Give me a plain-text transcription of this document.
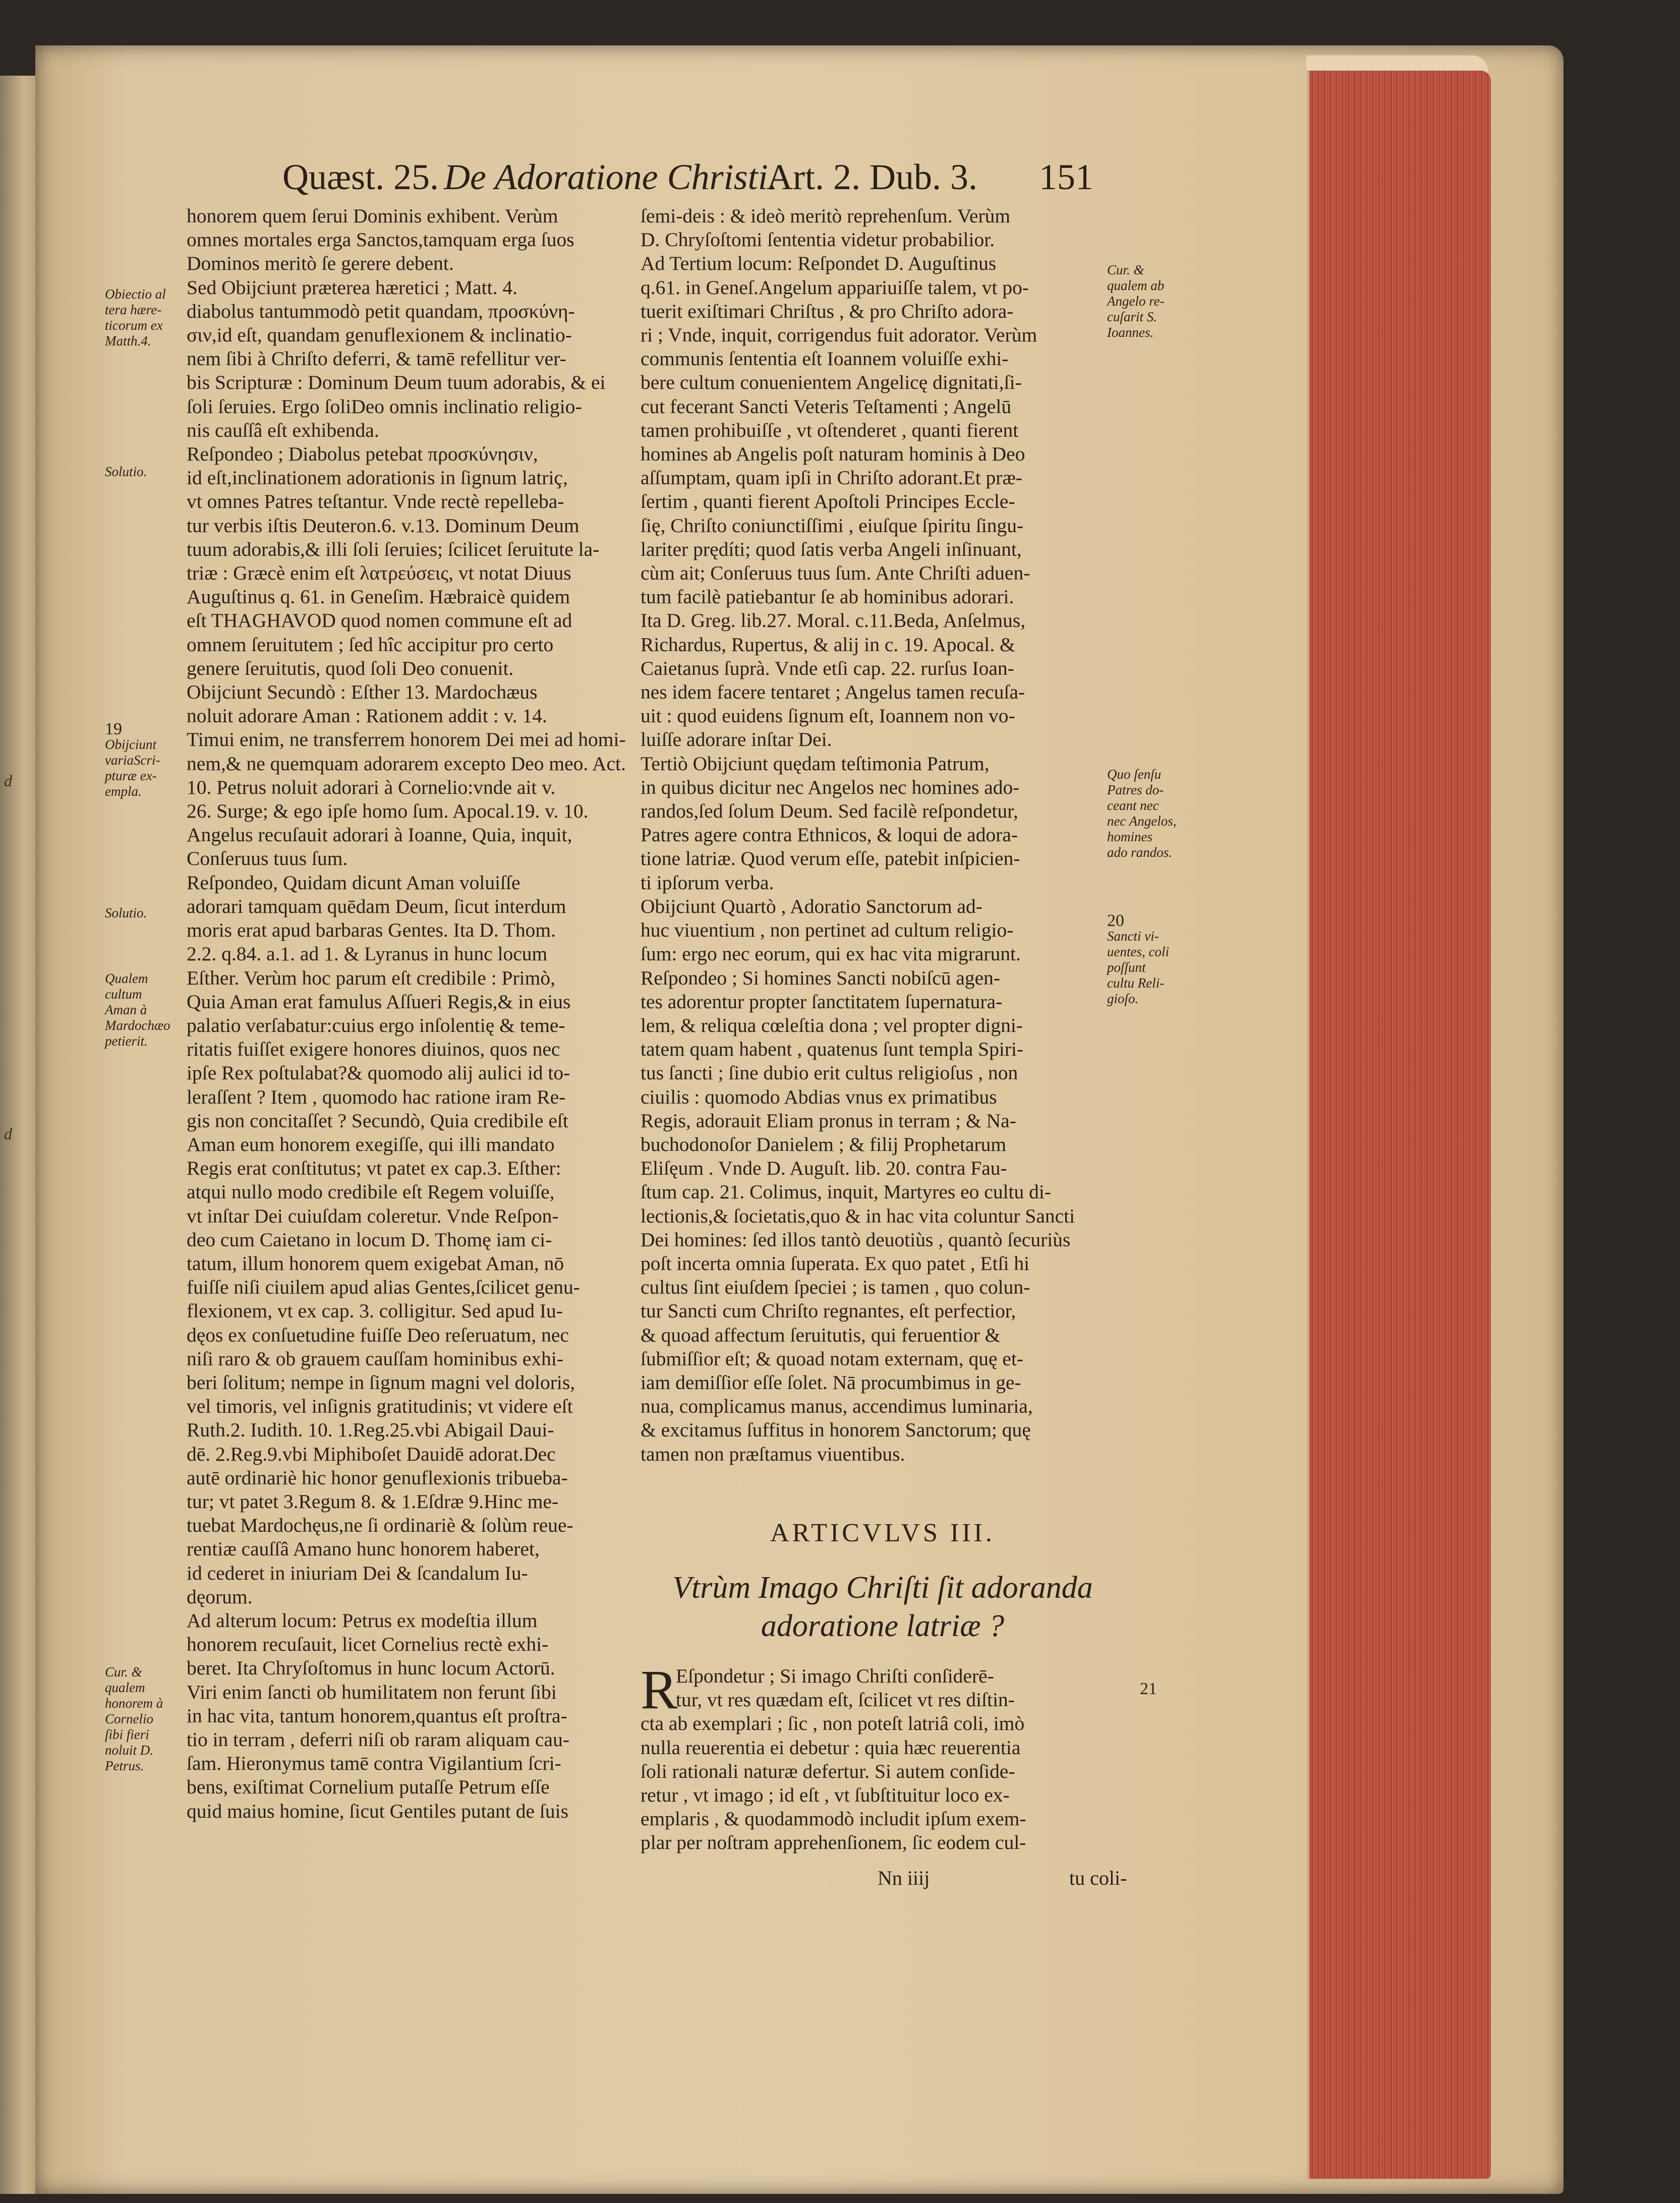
d
d
Quæst. 25. De Adoratione Christi.
Art. 2. Dub. 3. 151

honorem quem ſerui Dominis exhibent. Verùm

omnes mortales erga Sanctos,tamquam erga ſuos

Dominos meritò ſe gerere debent.

Sed Obijciunt præterea hæretici ; Matt. 4.

diabolus tantummodò petit quandam, προσκύνη-

σιν,id eſt, quandam genuflexionem & inclinatio-

nem ſibi à Chriſto deferri, & tamē refellitur ver-

bis Scripturæ : Dominum Deum tuum adorabis, & ei

ſoli ſeruies. Ergo ſoliDeo omnis inclinatio religio-

nis cauſſâ eſt exhibenda.

Reſpondeo ; Diabolus petebat προσκύνησιν,

id eſt,inclinationem adorationis in ſignum latriç,

vt omnes Patres teſtantur. Vnde rectè repelleba-

tur verbis iſtis Deuteron.6. v.13. Dominum Deum

tuum adorabis,& illi ſoli ſeruies; ſcilicet ſeruitute la-

triæ : Græcè enim eſt λατρεύσεις, vt notat Diuus

Auguſtinus q. 61. in Geneſim. Hæbraicè quidem

eſt THAGHAVOD quod nomen commune eſt ad

omnem ſeruitutem ; ſed hîc accipitur pro certo

genere ſeruitutis, quod ſoli Deo conuenit.

Obijciunt Secundò : Eſther 13. Mardochæus

noluit adorare Aman : Rationem addit : v. 14.

Timui enim, ne transferrem honorem Dei mei ad homi-

nem,& ne quemquam adorarem excepto Deo meo. Act.

10. Petrus noluit adorari à Cornelio:vnde ait v.

26. Surge; & ego ipſe homo ſum. Apocal.19. v. 10.

Angelus recuſauit adorari à Ioanne, Quia, inquit,

Conſeruus tuus ſum.

Reſpondeo, Quidam dicunt Aman voluiſſe

adorari tamquam quēdam Deum, ſicut interdum

moris erat apud barbaras Gentes. Ita D. Thom.

2.2. q.84. a.1. ad 1. & Lyranus in hunc locum

Eſther. Verùm hoc parum eſt credibile : Primò,

Quia Aman erat famulus Aſſueri Regis,& in eius

palatio verſabatur:cuius ergo inſolentię & teme-

ritatis fuiſſet exigere honores diuinos, quos nec

ipſe Rex poſtulabat?& quomodo alij aulici id to-

leraſſent ? Item , quomodo hac ratione iram Re-

gis non concitaſſet ? Secundò, Quia credibile eſt

Aman eum honorem exegiſſe, qui illi mandato

Regis erat conſtitutus; vt patet ex cap.3. Eſther:

atqui nullo modo credibile eſt Regem voluiſſe,

vt inſtar Dei cuiuſdam coleretur. Vnde Reſpon-

deo cum Caietano in locum D. Thomę iam ci-

tatum, illum honorem quem exigebat Aman, nō

fuiſſe niſi ciuilem apud alias Gentes,ſcilicet genu-

flexionem, vt ex cap. 3. colligitur. Sed apud Iu-

dęos ex conſuetudine fuiſſe Deo reſeruatum, nec

niſi raro & ob grauem cauſſam hominibus exhi-

beri ſolitum; nempe in ſignum magni vel doloris,

vel timoris, vel inſignis gratitudinis; vt videre eſt

Ruth.2. Iudith. 10. 1.Reg.25.vbi Abigail Daui-

dē. 2.Reg.9.vbi Miphiboſet Dauidē adorat.Dec

autē ordinariè hic honor genuflexionis tribueba-

tur; vt patet 3.Regum 8. & 1.Eſdræ 9.Hinc me-

tuebat Mardochęus,ne ſi ordinariè & ſolùm reue-

rentiæ cauſſâ Amano hunc honorem haberet,

id cederet in iniuriam Dei & ſcandalum Iu-

dęorum.

Ad alterum locum: Petrus ex modeſtia illum

honorem recuſauit, licet Cornelius rectè exhi-

beret. Ita Chryſoſtomus in hunc locum Actorū.

Viri enim ſancti ob humilitatem non ferunt ſibi

in hac vita, tantum honorem,quantus eſt proſtra-

tio in terram , deferri niſi ob raram aliquam cau-

ſam. Hieronymus tamē contra Vigilantium ſcri-

bens, exiſtimat Cornelium putaſſe Petrum eſſe

quid maius homine, ſicut Gentiles putant de ſuis

ſemi-deis : & ideò meritò reprehenſum. Verùm

D. Chryſoſtomi ſententia videtur probabilior.

Ad Tertium locum: Reſpondet D. Auguſtinus

q.61. in Geneſ.Angelum appariuiſſe talem, vt po-

tuerit exiſtimari Chriſtus , & pro Chriſto adora-

ri ; Vnde, inquit, corrigendus fuit adorator. Verùm

communis ſententia eſt Ioannem voluiſſe exhi-

bere cultum conuenientem Angelicę dignitati,ſi-

cut fecerant Sancti Veteris Teſtamenti ; Angelū

tamen prohibuiſſe , vt oſtenderet , quanti fierent

homines ab Angelis poſt naturam hominis à Deo

aſſumptam, quam ipſi in Chriſto adorant.Et præ-

ſertim , quanti fierent Apoſtoli Principes Eccle-

ſię, Chriſto coniunctiſſimi , eiuſque ſpiritu ſingu-

lariter prędíti; quod ſatis verba Angeli inſinuant,

cùm ait; Conſeruus tuus ſum. Ante Chriſti aduen-

tum facilè patiebantur ſe ab hominibus adorari.

Ita D. Greg. lib.27. Moral. c.11.Beda, Anſelmus,

Richardus, Rupertus, & alij in c. 19. Apocal. &

Caietanus ſuprà. Vnde etſi cap. 22. rurſus Ioan-

nes idem facere tentaret ; Angelus tamen recuſa-

uit : quod euidens ſignum eſt, Ioannem non vo-

luiſſe adorare inſtar Dei.

Tertiò Obijciunt quędam teſtimonia Patrum,

in quibus dicitur nec Angelos nec homines ado-

randos,ſed ſolum Deum. Sed facilè reſpondetur,

Patres agere contra Ethnicos, & loqui de adora-

tione latriæ. Quod verum eſſe, patebit inſpicien-

ti ipſorum verba.

Obijciunt Quartò , Adoratio Sanctorum ad-

huc viuentium , non pertinet ad cultum religio-

ſum: ergo nec eorum, qui ex hac vita migrarunt.

Reſpondeo ; Si homines Sancti nobiſcū agen-

tes adorentur propter ſanctitatem ſupernatura-

lem, & reliqua cœleſtia dona ; vel propter digni-

tatem quam habent , quatenus ſunt templa Spiri-

tus ſancti ; ſine dubio erit cultus religioſus , non

ciuilis : quomodo Abdias vnus ex primatibus

Regis, adorauit Eliam pronus in terram ; & Na-

buchodonoſor Danielem ; & filij Prophetarum

Eliſęum . Vnde D. Auguſt. lib. 20. contra Fau-

ſtum cap. 21. Colimus, inquit, Martyres eo cultu di-

lectionis,& ſocietatis,quo & in hac vita coluntur Sancti

Dei homines: ſed illos tantò deuotiùs , quantò ſecuriùs

poſt incerta omnia ſuperata. Ex quo patet , Etſi hi

cultus ſint eiuſdem ſpeciei ; is tamen , quo colun-

tur Sancti cum Chriſto regnantes, eſt perfectior,

& quoad affectum ſeruitutis, qui feruentior &

ſubmiſſior eſt; & quoad notam externam, quę et-

iam demiſſior eſſe ſolet. Nā procumbimus in ge-

nua, complicamus manus, accendimus luminaria,

& excitamus ſuffitus in honorem Sanctorum; quę

tamen non præſtamus viuentibus.

Obiectio al
tera hære-
ticorum ex
Matth.4.
Solutio.
19
Obijciunt
variaScri-
pturæ ex-
empla.
Solutio.
Qualem
cultum
Aman à
Mardochæo
petierit.
Cur. &
qualem
honorem à
Cornelio
ſibi fieri
noluit D.
Petrus.
Cur. &
qualem ab
Angelo re-
cuſarit S.
Ioannes.
Quo ſenſu
Patres do-
ceant nec
nec Angelos,
homines
ado randos.
20
Sancti vi-
uentes, coli
poſſunt
cultu Reli-
gioſo.
ARTICVLVS III.

Vtrùm Imago Chriſti ſit adoranda

adoratione latriæ ?

R

Eſpondetur ; Si imago Chriſti conſiderē-

tur, vt res quædam eſt, ſcilicet vt res diſtin-

cta ab exemplari ; ſic , non poteſt latriâ coli, imò

nulla reuerentia ei debetur : quia hæc reuerentia

ſoli rationali naturæ defertur. Si autem conſide-

retur , vt imago ; id eſt , vt ſubſtituitur loco ex-

emplaris , & quodammodò includit ipſum exem-

plar per noſtram apprehenſionem, ſic eodem cul-

21
Nn iiij	tu coli-
